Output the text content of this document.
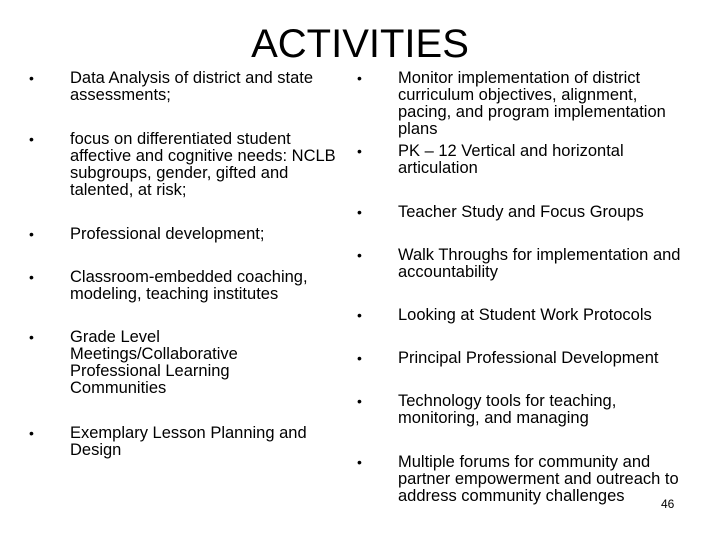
ACTIVITIES
• Data Analysis of district and state assessments;
• focus on differentiated student affective and cognitive needs: NCLB subgroups, gender, gifted and talented, at risk;
• Professional development;
• Classroom-embedded coaching, modeling, teaching institutes
• Grade Level Meetings/Collaborative Professional Learning Communities
• Exemplary Lesson Planning and Design
• Monitor implementation of district curriculum objectives, alignment, pacing, and program implementation plans
• PK – 12 Vertical and horizontal articulation
• Teacher Study and Focus Groups
• Walk Throughs for implementation and accountability
• Looking at Student Work Protocols
• Principal Professional Development
• Technology tools for teaching, monitoring, and managing
• Multiple forums for community and partner empowerment and outreach to address community challenges	46
